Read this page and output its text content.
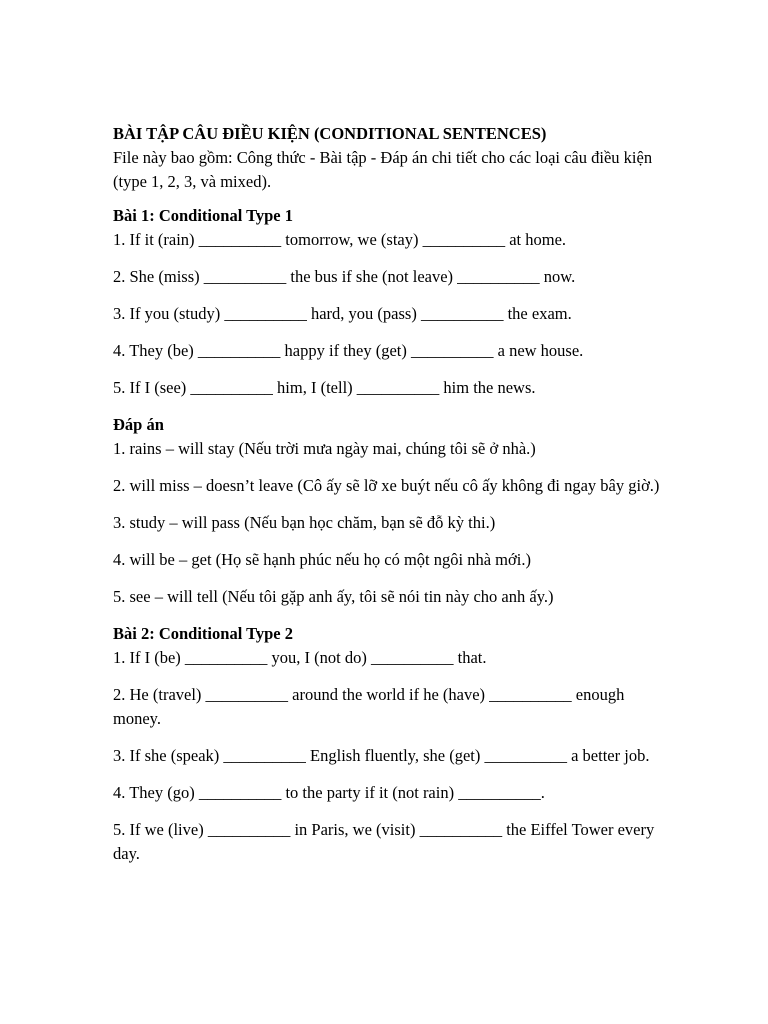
BÀI TẬP CÂU ĐIỀU KIỆN (CONDITIONAL SENTENCES)

File này bao gồm: Công thức - Bài tập - Đáp án chi tiết cho các loại câu điều kiện (type 1, 2, 3, và mixed).

Bài 1: Conditional Type 1

1. If it (rain) __________ tomorrow, we (stay) __________ at home.

2. She (miss) __________ the bus if she (not leave) __________ now.

3. If you (study) __________ hard, you (pass) __________ the exam.

4. They (be) __________ happy if they (get) __________ a new house.

5. If I (see) __________ him, I (tell) __________ him the news.

Đáp án

1. rains – will stay (Nếu trời mưa ngày mai, chúng tôi sẽ ở nhà.)

2. will miss – doesn’t leave (Cô ấy sẽ lỡ xe buýt nếu cô ấy không đi ngay bây giờ.)

3. study – will pass (Nếu bạn học chăm, bạn sẽ đỗ kỳ thi.)

4. will be – get (Họ sẽ hạnh phúc nếu họ có một ngôi nhà mới.)

5. see – will tell (Nếu tôi gặp anh ấy, tôi sẽ nói tin này cho anh ấy.)

Bài 2: Conditional Type 2

1. If I (be) __________ you, I (not do) __________ that.

2. He (travel) __________ around the world if he (have) __________ enough money.

3. If she (speak) __________ English fluently, she (get) __________ a better job.

4. They (go) __________ to the party if it (not rain) __________.

5. If we (live) __________ in Paris, we (visit) __________ the Eiffel Tower every day.
